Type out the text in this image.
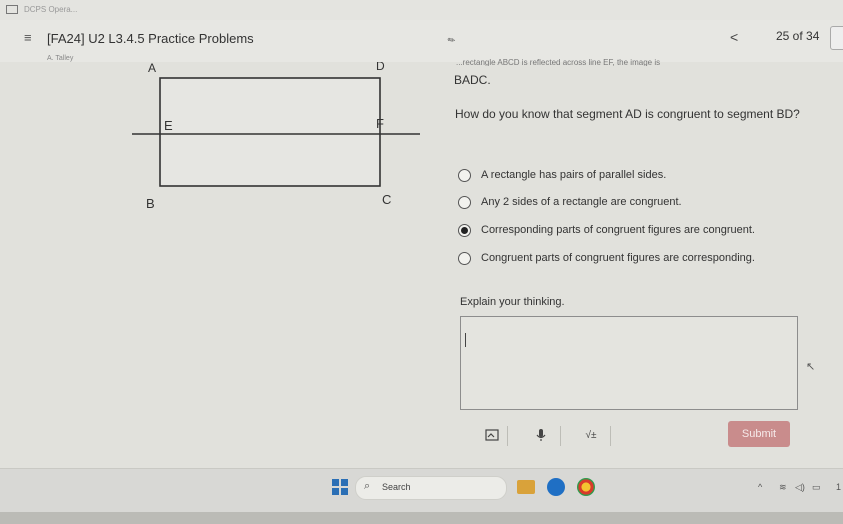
DCPS Opera...
≡ [FA24] U2 L3.4.5 Practice Problems
A. Talley
✎	<	25 of 34
A	D
E	F
B	C
...rectangle ABCD is reflected across line EF, the image is
BADC.
How do you know that segment AD is congruent to segment BD?
A rectangle has pairs of parallel sides.
Any 2 sides of a rectangle are congruent.
Corresponding parts of congruent figures are congruent.
Congruent parts of congruent figures are corresponding.
Explain your thinking.
↖
√±	Submit
⌕ Search	^ ≋ ◁) ▭ 1
